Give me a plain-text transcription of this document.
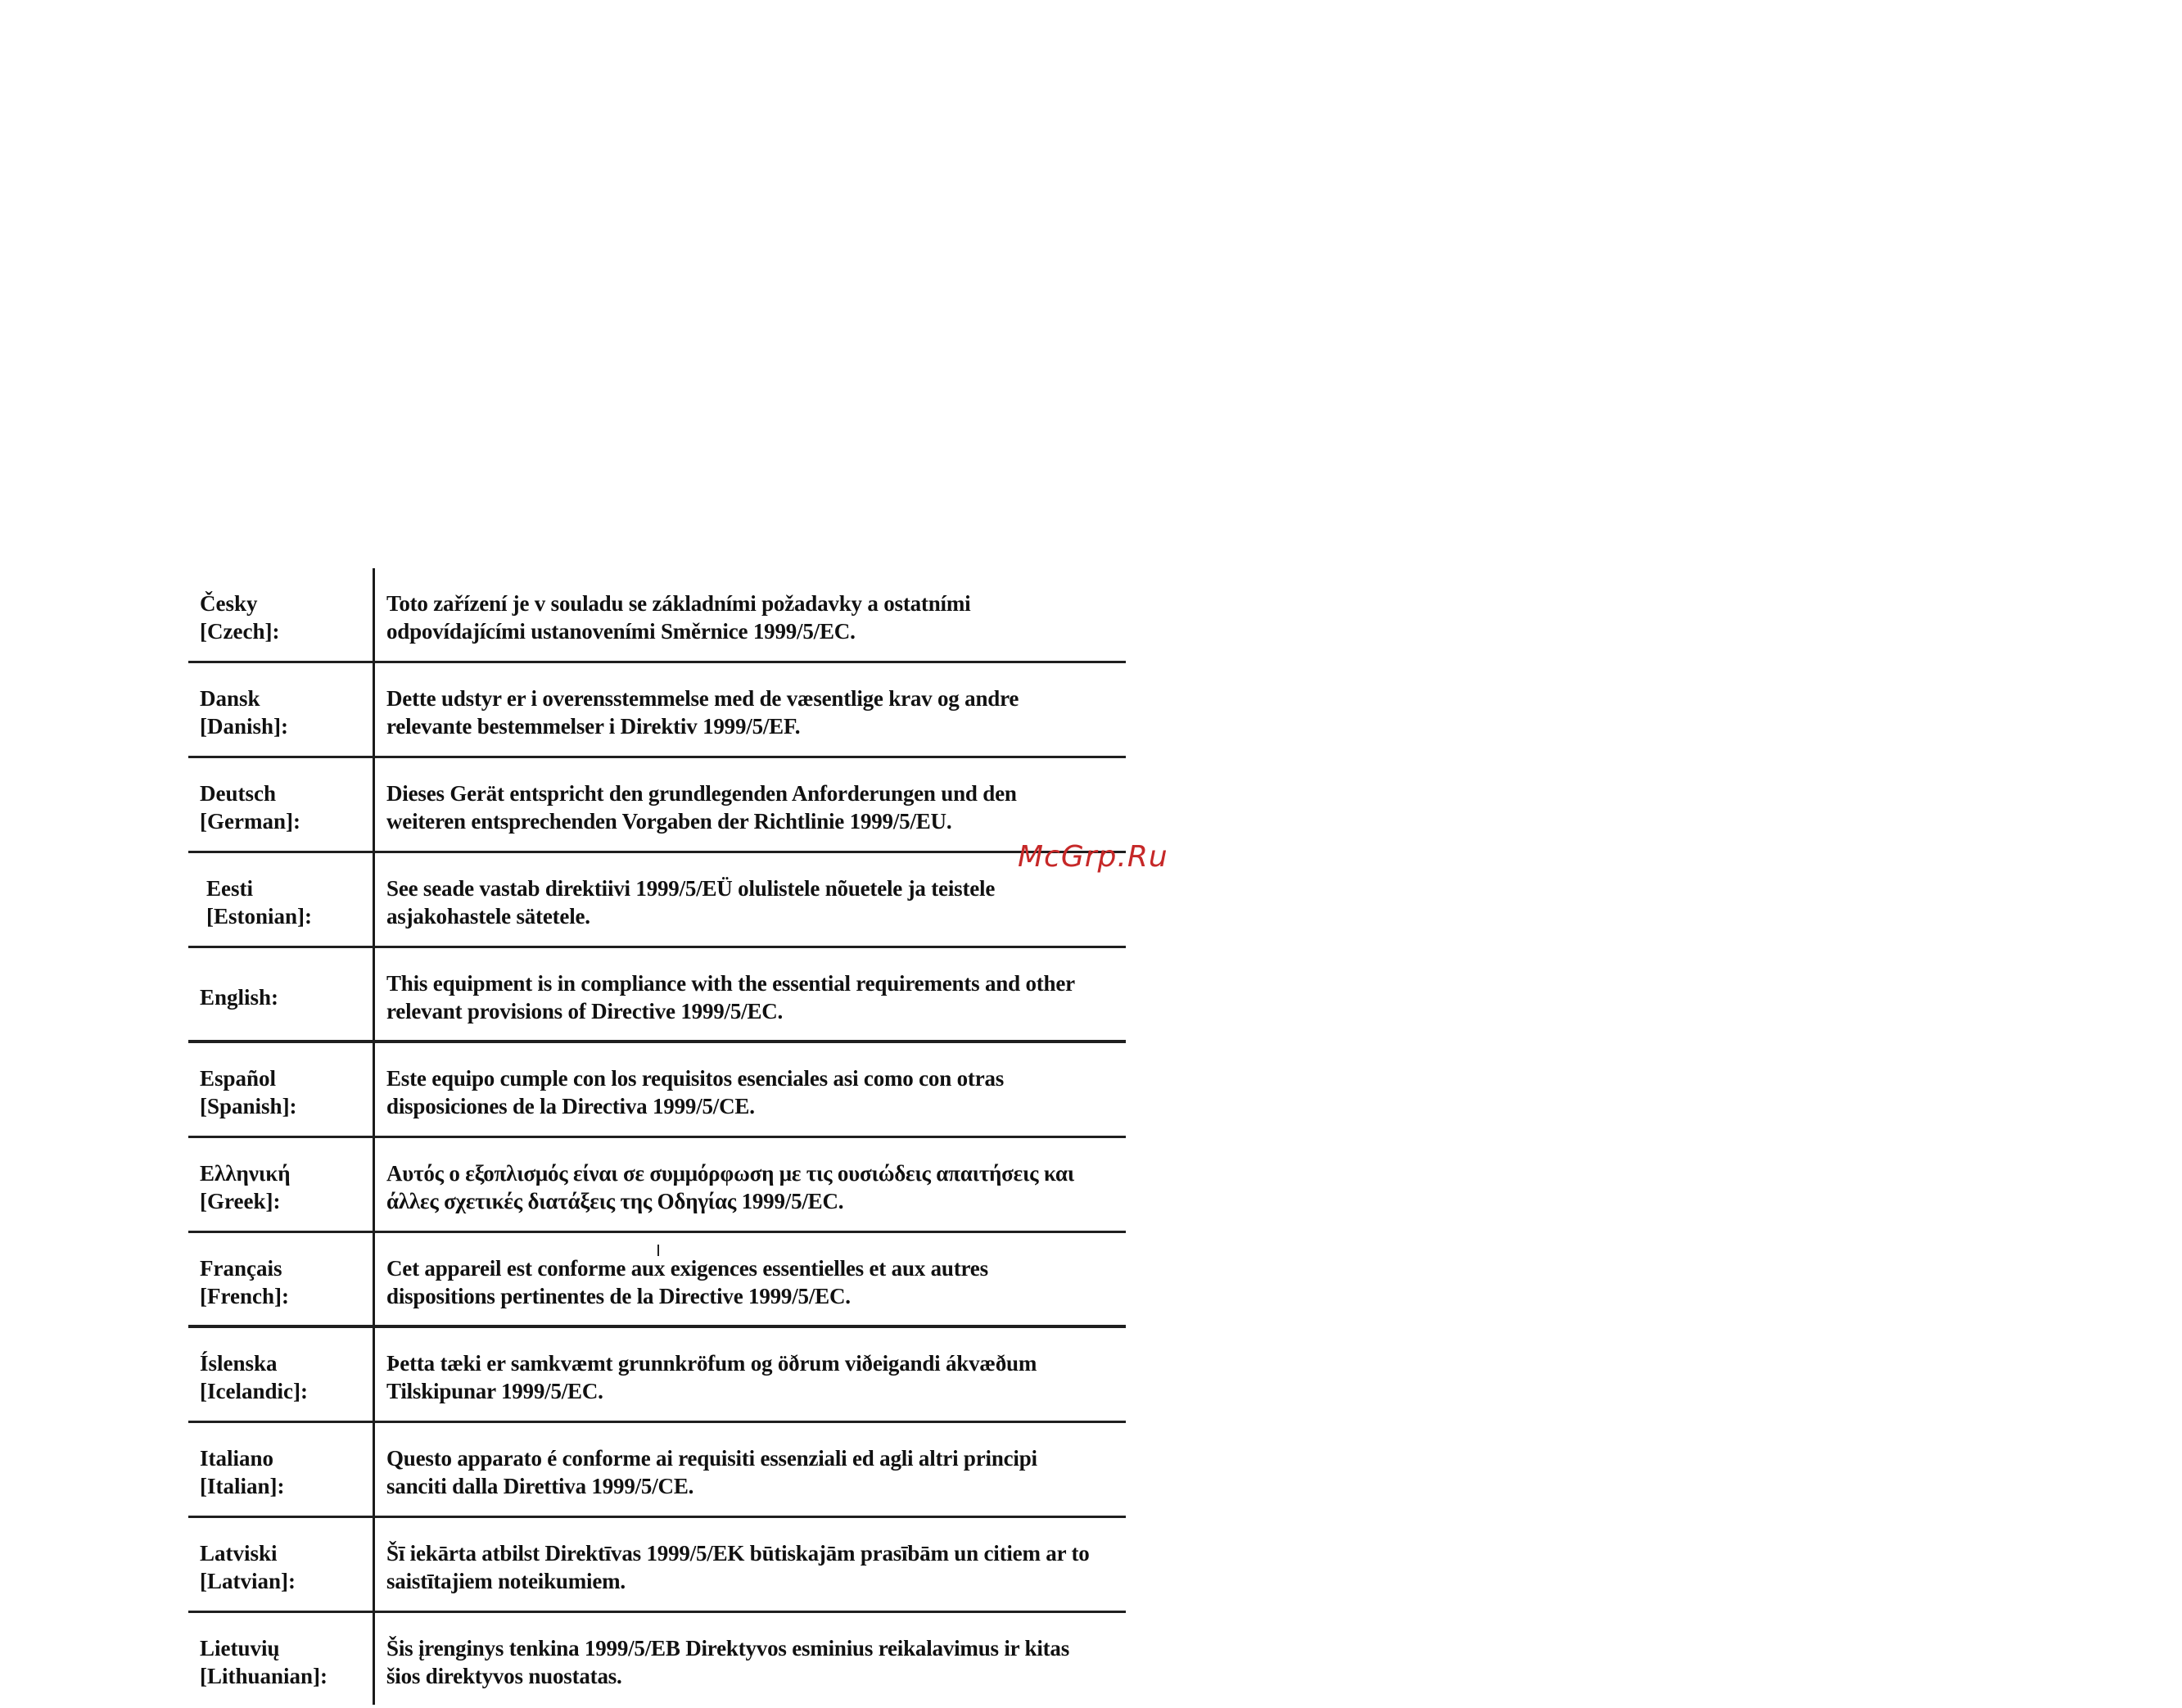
Česky
[Czech]:
Toto zařízení je v souladu se základními požadavky a ostatními
odpovídajícími ustanoveními Směrnice 1999/5/EC.
Dansk
[Danish]:
Dette udstyr er i overensstemmelse med de væsentlige krav og andre
relevante bestemmelser i Direktiv 1999/5/EF.
Deutsch
[German]:
Dieses Gerät entspricht den grundlegenden Anforderungen und den
weiteren entsprechenden Vorgaben der Richtlinie 1999/5/EU.
Eesti
[Estonian]:
See seade vastab direktiivi 1999/5/EÜ olulistele nõuetele ja teistele
asjakohastele sätetele.
English:
This equipment is in compliance with the essential requirements and other
relevant provisions of Directive 1999/5/EC.
Español
[Spanish]:
Este equipo cumple con los requisitos esenciales asi como con otras
disposiciones de la Directiva 1999/5/CE.
Ελληνική
[Greek]:
Αυτός ο εξοπλισμός είναι σε συμμόρφωση με τις ουσιώδεις απαιτήσεις και
άλλες σχετικές διατάξεις της Οδηγίας 1999/5/EC.
Français
[French]:
Cet appareil est conforme aux exigences essentielles et aux autres
dispositions pertinentes de la Directive 1999/5/EC.
Íslenska
[Icelandic]:
Þetta tæki er samkvæmt grunnkröfum og öðrum viðeigandi ákvæðum
Tilskipunar 1999/5/EC.
Italiano
[Italian]:
Questo apparato é conforme ai requisiti essenziali ed agli altri principi
sanciti dalla Direttiva 1999/5/CE.
Latviski
[Latvian]:
Šī iekārta atbilst Direktīvas 1999/5/EK būtiskajām prasībām un citiem ar to
saistītajiem noteikumiem.
Lietuvių
[Lithuanian]:
Šis įrenginys tenkina 1999/5/EB Direktyvos esminius reikalavimus ir kitas
šios direktyvos nuostatas.
McGrp.Ru
